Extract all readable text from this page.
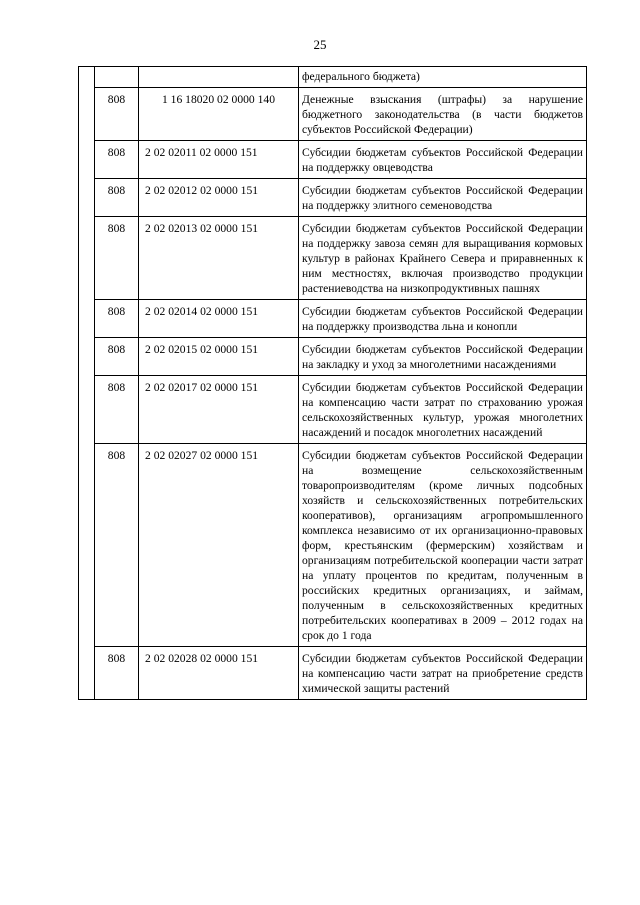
25
			федерального бюджета)
	808	1 16 18020 02 0000 140	Денежные взыскания (штрафы) за нарушение бюджетного законодательства (в части бюджетов субъектов Российской Федерации)
	808	2 02 02011 02 0000 151	Субсидии бюджетам субъектов Российской Федерации на поддержку овцеводства
	808	2 02 02012 02 0000 151	Субсидии бюджетам субъектов Российской Федерации на поддержку элитного семеноводства
	808	2 02 02013 02 0000 151	Субсидии бюджетам субъектов Российской Федерации на поддержку завоза семян для выращивания кормовых культур в районах Крайнего Севера и приравненных к ним местностях, включая производство продукции растениеводства на низкопродуктивных пашнях
	808	2 02 02014 02 0000 151	Субсидии бюджетам субъектов Российской Федерации на поддержку производства льна и конопли
	808	2 02 02015 02 0000 151	Субсидии бюджетам субъектов Российской Федерации на закладку и уход за многолетними насаждениями
	808	2 02 02017 02 0000 151	Субсидии бюджетам субъектов Российской Федерации на компенсацию части затрат по страхованию урожая сельскохозяйственных культур, урожая многолетних насаждений и посадок многолетних насаждений
	808	2 02 02027 02 0000 151	Субсидии бюджетам субъектов Российской Федерации на возмещение сельскохозяйственным товаропроизводителям (кроме личных подсобных хозяйств и сельскохозяйственных потребительских кооперативов), организациям агропромышленного комплекса независимо от их организационно-правовых форм, крестьянским (фермерским) хозяйствам и организациям потребительской кооперации части затрат на уплату процентов по кредитам, полученным в российских кредитных организациях, и займам, полученным в сельскохозяйственных кредитных потребительских кооперативах в 2009 – 2012 годах на срок до 1 года
	808	2 02 02028 02 0000 151	Субсидии бюджетам субъектов Российской Федерации на компенсацию части затрат на приобретение средств химической защиты растений
